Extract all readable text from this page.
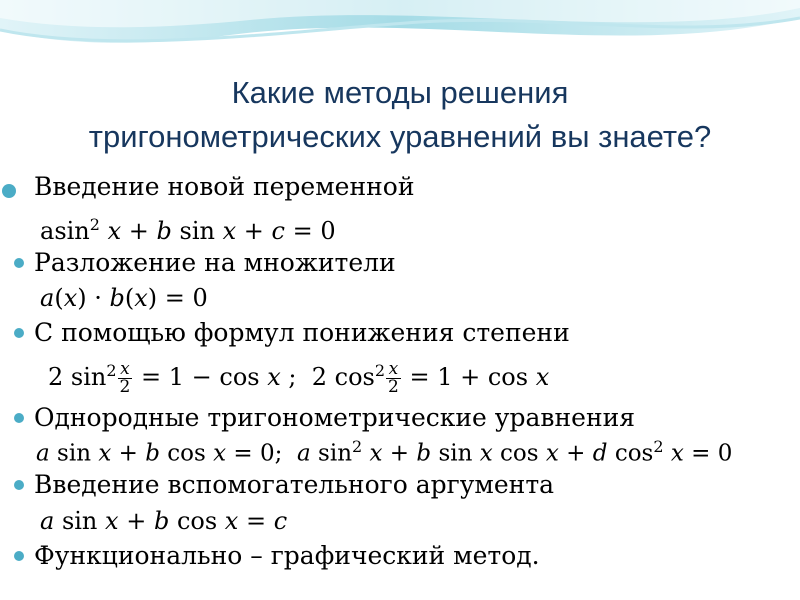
Какие методы решения
тригонометрических уравнений вы знаете?
Введение новой переменной
asin$^2$ x + b sin x + c = 0
Разложение на множители
a(x) · b(x) = 0
С помощью формул понижения степени
2 $\sin^2 \frac{x}{2} = 1 - \cos x$ ;  2 $\cos^2 \frac{x}{2} = 1 + \cos x$
Однородные тригонометрические уравнения
a sin x + b cos x = 0;  a $\sin^2 x + b$ sin x cos x + d $\cos^2 x = 0$
Введение вспомогательного аргумента
a sin x + b cos x = c
Функционально – графический метод.
